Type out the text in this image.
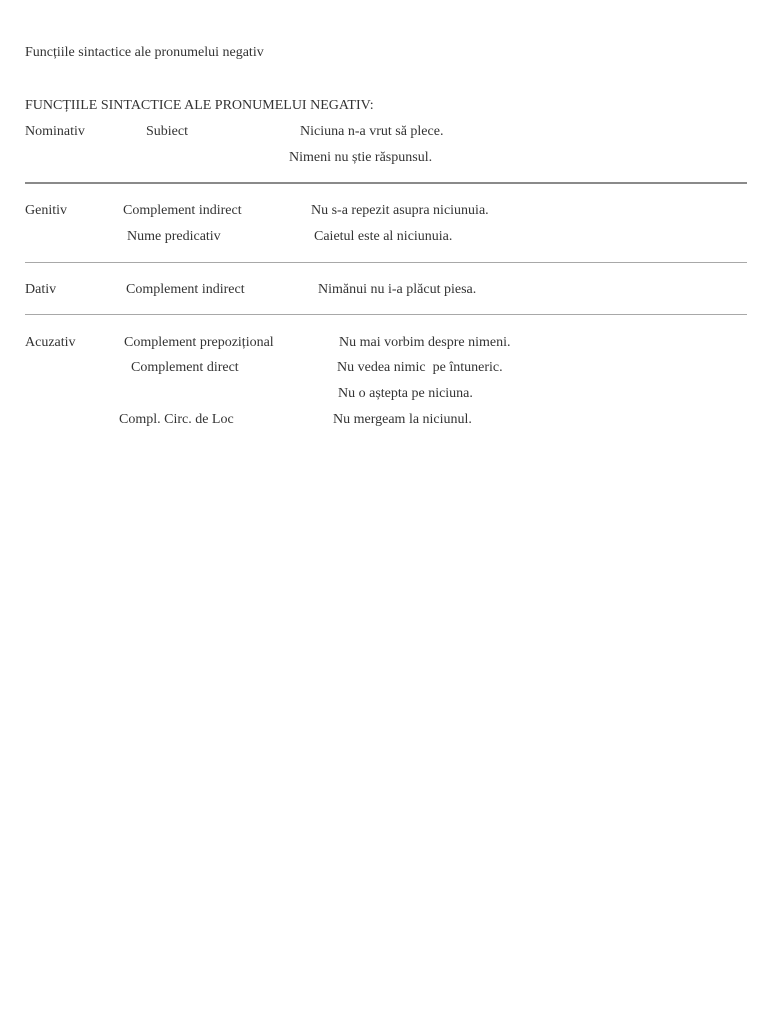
Funcțiile sintactice ale pronumelui negativ
FUNCȚIILE SINTACTICE ALE PRONUMELUI NEGATIV:
Nominativ	Subiect	Niciuna n-a vrut să plece.
Nimeni nu știe răspunsul.
Genitiv	Complement indirect	Nu s-a repezit asupra niciunuia.
Nume predicativ	Caietul este al niciunuia.
Dativ	Complement indirect	Nimănui nu i-a plăcut piesa.
Acuzativ	Complement prepozițional	Nu mai vorbim despre nimeni.
Complement direct	Nu vedea nimic  pe întuneric.
Nu o aștepta pe niciuna.
Compl. Circ. de Loc	Nu mergeam la niciunul.
